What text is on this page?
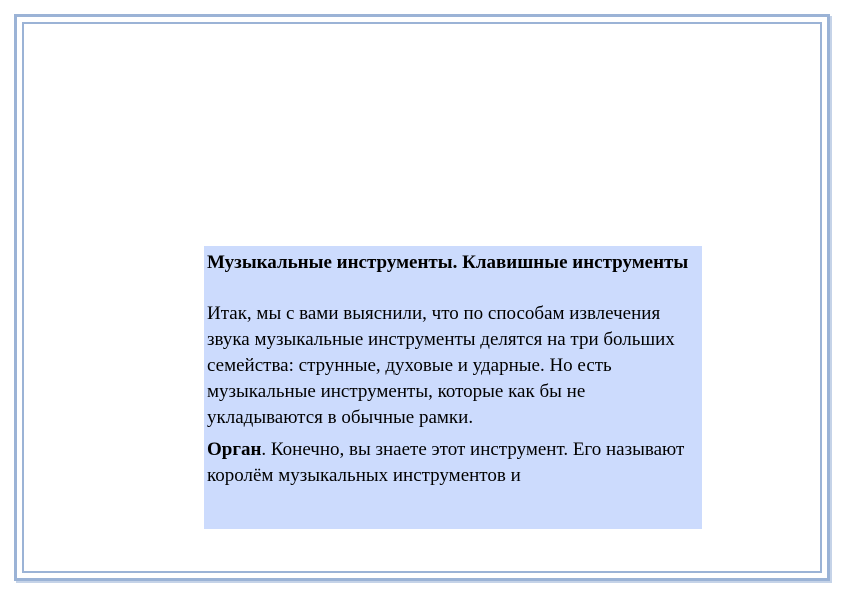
Музыкальные инструменты. Клавишные инструменты

Итак, мы с вами выяснили, что по способам извлечения звука музыкальные инструменты делятся на три больших семейства: струнные, духовые и ударные. Но есть музыкальные инструменты, которые как бы не укладываются в обычные рамки.

Орган. Конечно, вы знаете этот инструмент. Его называют королём музыкальных инструментов и
